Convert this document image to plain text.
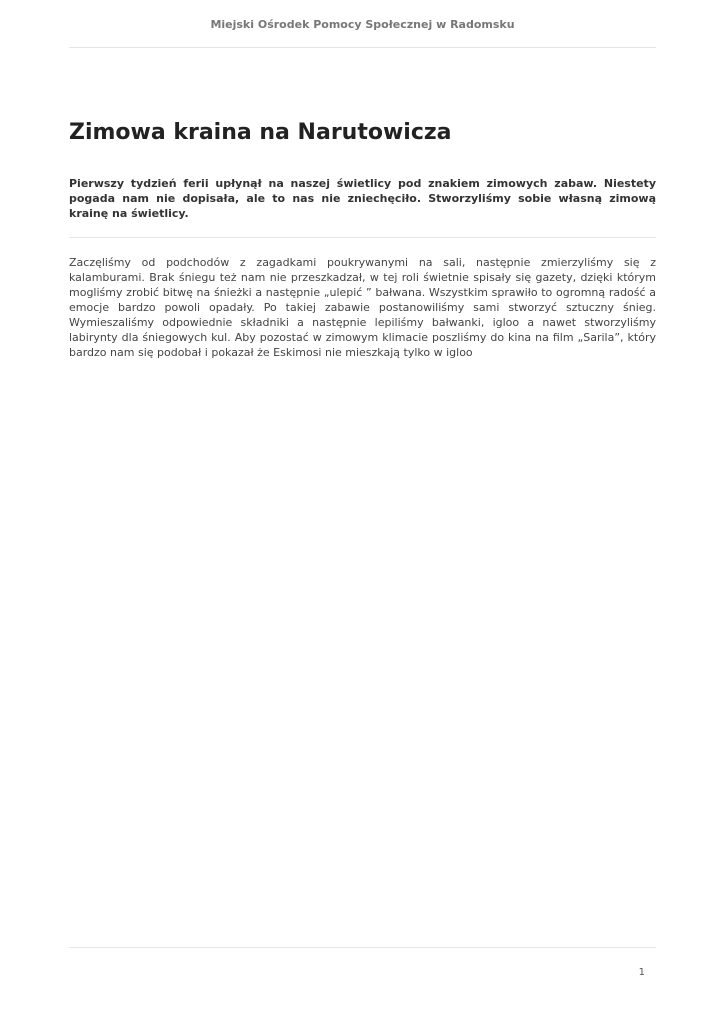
Miejski Ośrodek Pomocy Społecznej w Radomsku
Zimowa kraina na Narutowicza

Pierwszy tydzień ferii upłynął na naszej świetlicy pod znakiem zimowych zabaw. Niestety pogada nam nie dopisała, ale to nas nie zniechęciło. Stworzyliśmy sobie własną zimową krainę na świetlicy.

Zaczęliśmy od podchodów z zagadkami poukrywanymi na sali, następnie zmierzyliśmy się z kalamburami. Brak śniegu też nam nie przeszkadzał, w tej roli świetnie spisały się gazety, dzięki którym mogliśmy zrobić bitwę na śnieżki a następnie „ulepić ” bałwana. Wszystkim sprawiło to ogromną radość a emocje bardzo powoli opadały. Po takiej zabawie postanowiliśmy sami stworzyć sztuczny śnieg. Wymieszaliśmy odpowiednie składniki a następnie lepiliśmy bałwanki, igloo a nawet stworzyliśmy labirynty dla śniegowych kul. Aby pozostać w zimowym klimacie poszliśmy do kina na film „Sarila”, który bardzo nam się podobał i pokazał że Eskimosi nie mieszkają tylko w igloo

1
